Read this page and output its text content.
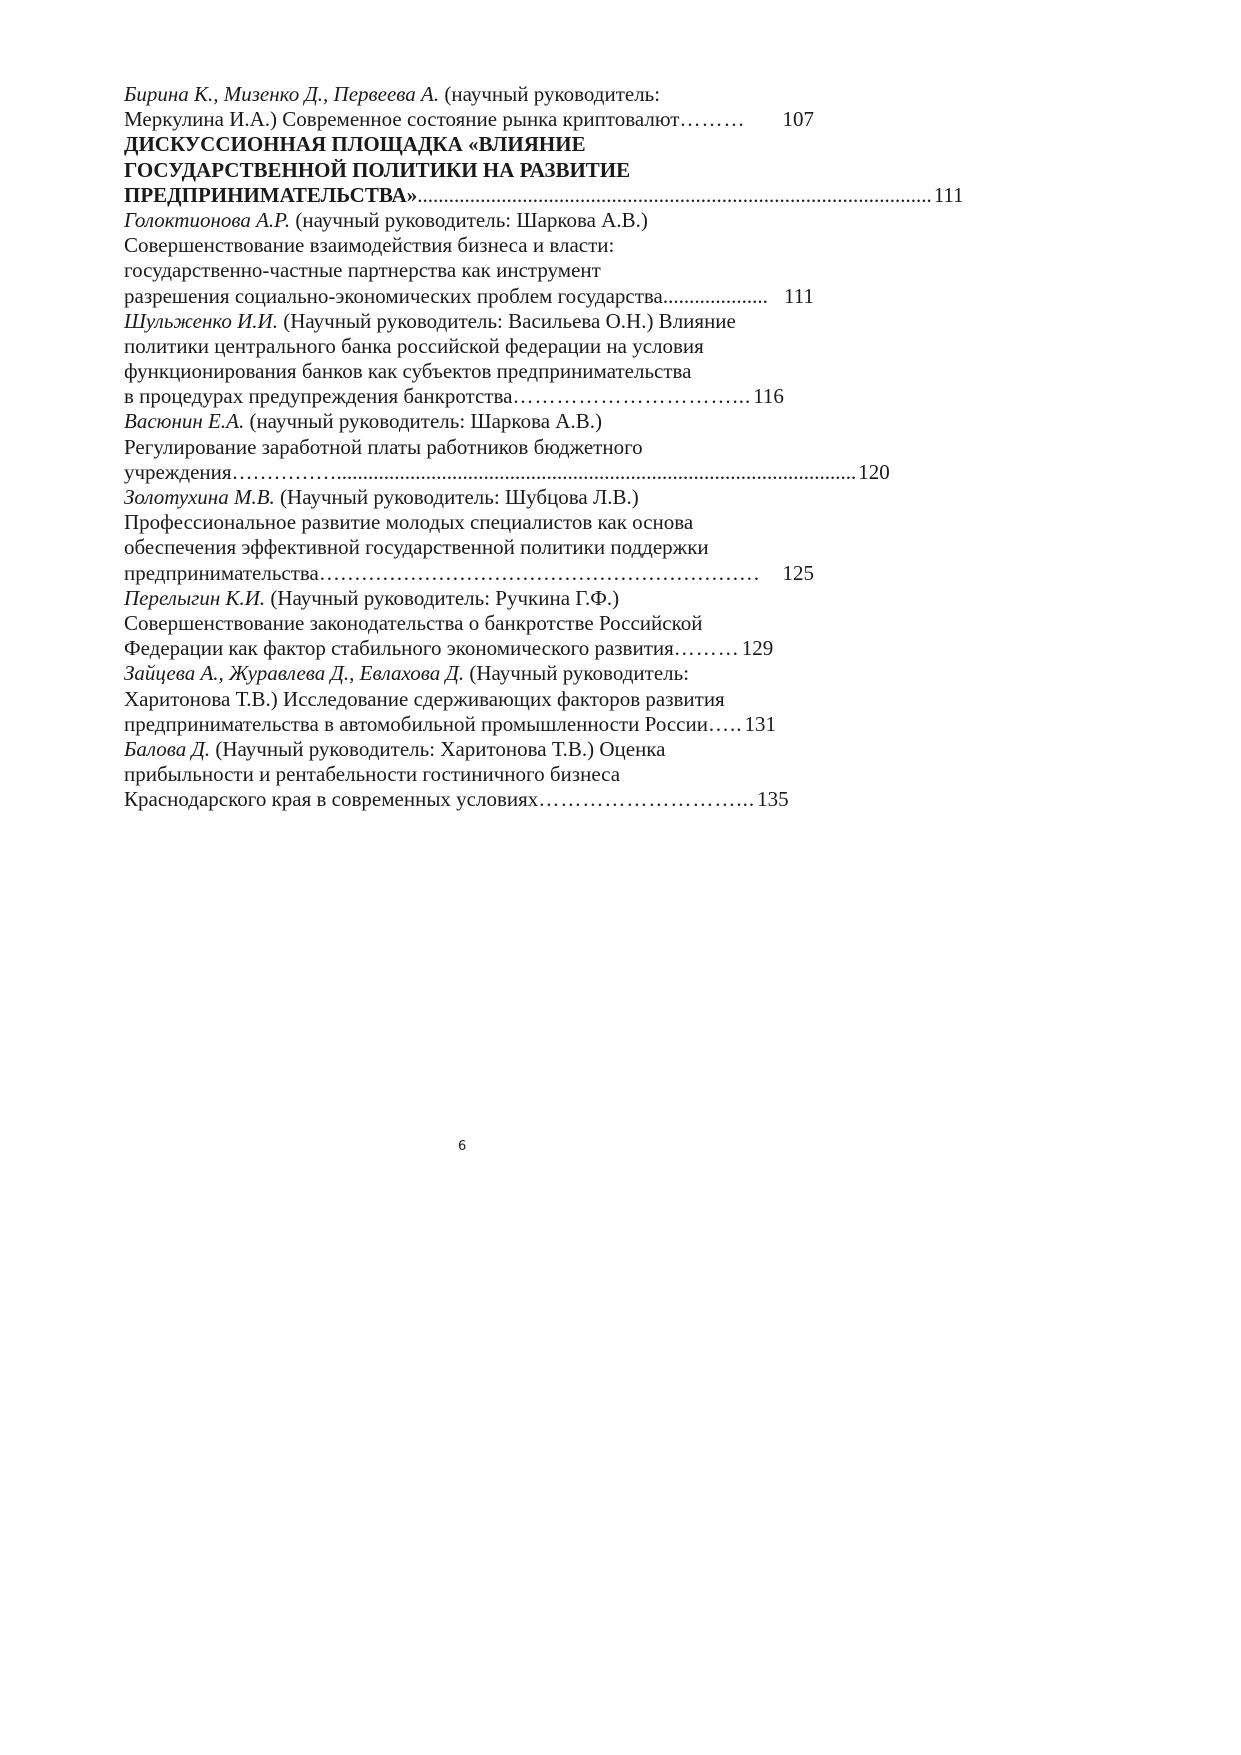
Бирина К., Мизенко Д., Первеева А. (научный руководитель:
Меркулина И.А.) Современное состояние рынка криптовалют ………	107
ДИСКУССИОННАЯ ПЛОЩАДКА «ВЛИЯНИЕ
ГОСУДАРСТВЕННОЙ ПОЛИТИКИ НА РАЗВИТИЕ
ПРЕДПРИНИМАТЕЛЬСТВА» .................................................................................................. 111
Голоктионова А.Р. (научный руководитель: Шаркова А.В.)
Совершенствование взаимодействия бизнеса и власти:
государственно-частные партнерства как инструмент
разрешения социально-экономических проблем государства .................... 111
Шульженко И.И. (Научный руководитель: Васильева О.Н.) Влияние
политики центрального банка российской федерации на условия
функционирования банков как субъектов предпринимательства
в процедурах предупреждения банкротства …………………………... 116
Васюнин Е.А. (научный руководитель: Шаркова А.В.)
Регулирование заработной платы работников бюджетного
учреждения ……………................................................................................................... 120
Золотухина М.В. (Научный руководитель: Шубцова Л.В.)
Профессиональное развитие молодых специалистов как основа
обеспечения эффективной государственной политики поддержки
предпринимательства ………………………………………………………	125
Перелыгин К.И. (Научный руководитель: Ручкина Г.Ф.)
Совершенствование законодательства о банкротстве Российской
Федерации как фактор стабильного экономического развития ……… 129
Зайцева А., Журавлева Д., Евлахова Д. (Научный руководитель:
Харитонова Т.В.) Исследование сдерживающих факторов развития
предпринимательства в автомобильной промышленности России ….. 131
Балова Д. (Научный руководитель: Харитонова Т.В.) Оценка
прибыльности и рентабельности гостиничного бизнеса
Краснодарского края в современных условиях ………………………... 135
6
